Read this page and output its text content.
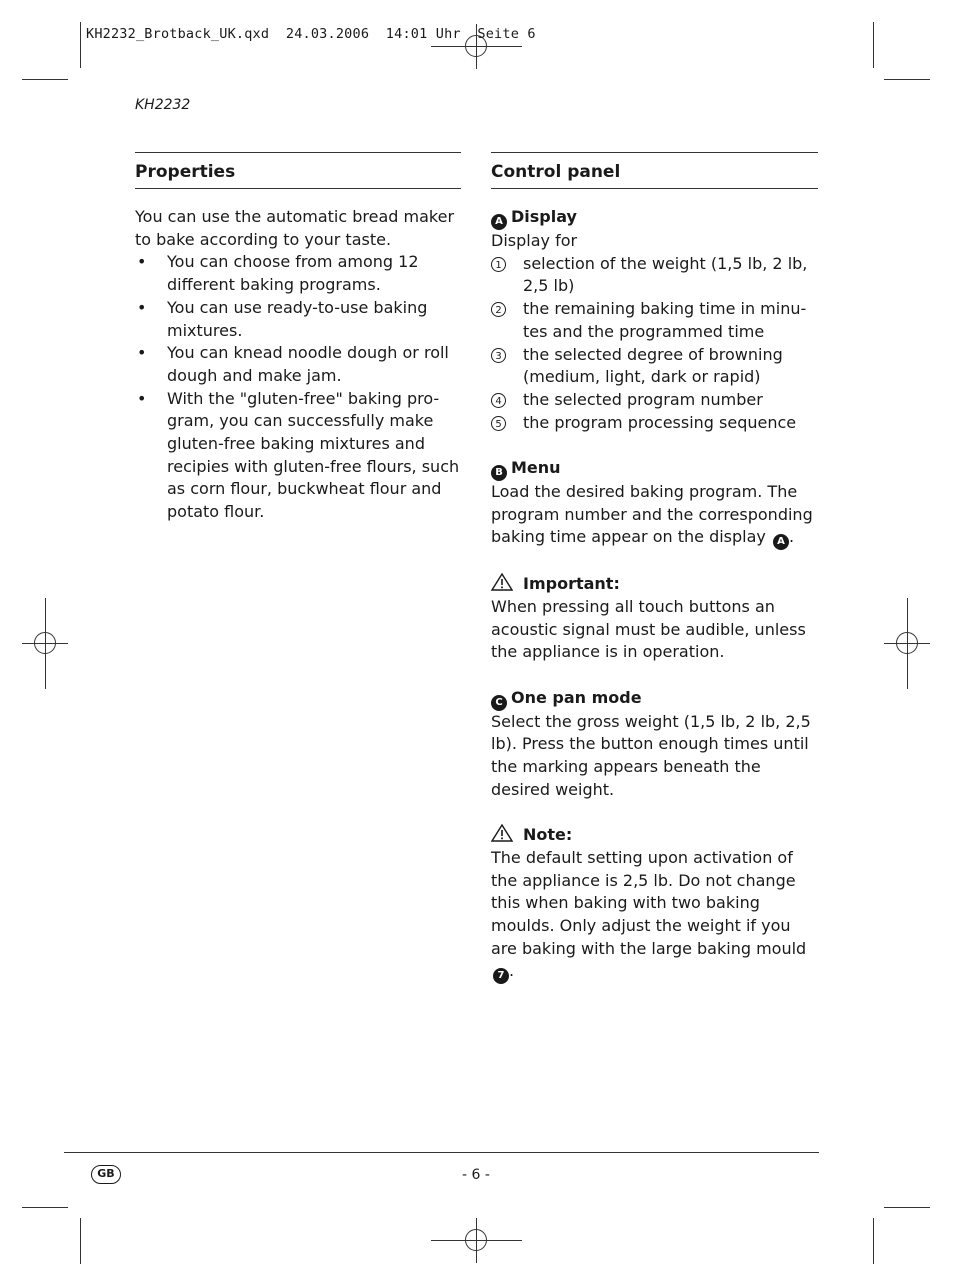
KH2232_Brotback_UK.qxd  24.03.2006  14:01 Uhr  Seite 6
KH2232
Properties

You can use the automatic bread maker to bake according to your taste.

• You can choose from among 12 different baking programs.
• You can use ready-to-use baking mixtures.
• You can knead noodle dough or roll dough and make jam.
• With the "gluten-free" baking pro-gram, you can successfully make gluten-free baking mixtures and recipies with gluten-free flours, such as corn flour, buckwheat flour and potato flour.
Control panel
A Display

Display for

1 selection of the weight (1,5 lb, 2 lb, 2,5 lb)
2 the remaining baking time in minu-tes and the programmed time
3 the selected degree of browning (medium, light, dark or rapid)
4 the selected program number
5 the program processing sequence
B Menu

Load the desired baking program. The program number and the corresponding baking time appear on the display A .

Important:

When pressing all touch buttons an acoustic signal must be audible, unless the appliance is in operation.

C One pan mode

Select the gross weight (1,5 lb, 2 lb, 2,5 lb). Press the button enough times until the marking appears beneath the desired weight.

Note:

The default setting upon activation of the appliance is 2,5 lb. Do not change this when baking with two baking moulds. Only adjust the weight if you are baking with the large baking mould 7 .

GB	- 6 -
